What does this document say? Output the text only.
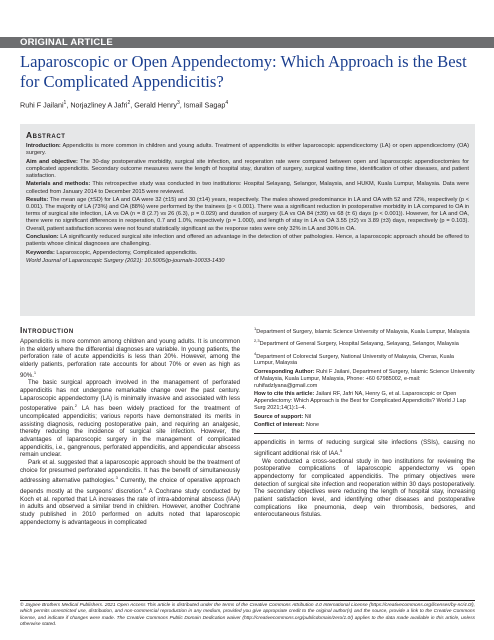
ORIGINAL ARTICLE
Laparoscopic or Open Appendectomy: Which Approach is the Best for Complicated Appendicitis?
Ruhi F Jailani$^1$, Norjazliney A Jafri$^2$, Gerald Henry$^3$, Ismail Sagap$^4$
Abstract

Introduction: Appendicitis is more common in children and young adults. Treatment of appendicitis is either laparoscopic appendicectomy (LA) or open appendicectomy (OA) surgery.

Aim and objective: The 30-day postoperative morbidity, surgical site infection, and reoperation rate were compared between open and laparoscopic appendicectomies for complicated appendicitis. Secondary outcome measures were the length of hospital stay, duration of surgery, surgical waiting time, identification of other diseases, and patient satisfaction.

Materials and methods: This retrospective study was conducted in two institutions: Hospital Selayang, Selangor, Malaysia, and HUKM, Kuala Lumpur, Malaysia. Data were collected from January 2014 to December 2015 were reviewed.

Results: The mean age (±SD) for LA and OA were 32 (±15) and 30 (±14) years, respectively. The males showed predominance in LA and OA with 52 and 72%, respectively (p < 0.001). The majority of LA (73%) and OA (88%) were performed by the trainees (p < 0.001). There was a significant reduction in postoperative morbidity in LA compared to OA in terms of surgical site infection, LA vs OA (n = 8 (2.7) vs 26 (6.3), p = 0.029) and duration of surgery (LA vs OA 84 (±39) vs 68 (± 6) days (p < 0.001)). However, for LA and OA, there were no significant differences in reoperation, 0.7 and 1.0%, respectively (p = 1.000), and length of stay in LA vs OA 3.55 (±2) vs 3.89 (±3) days, respectively (p = 0.103). Overall, patient satisfaction scores were not found statistically significant as the response rates were only 32% in LA and 30% in OA.

Conclusion: LA significantly reduced surgical site infection and offered an advantage in the detection of other pathologies. Hence, a laparoscopic approach should be offered to patients whose clinical diagnoses are challenging.

Keywords: Laparoscopic, Appendectomy, Complicated appendicitis.

World Journal of Laparoscopic Surgery (2021): 10.5005/jp-journals-10033-1430

Introduction

Appendicitis is more common among children and young adults. It is uncommon in the elderly where the differential diagnoses are variable. In young patients, the perforation rate of acute appendicitis is less than 20%. However, among the elderly patients, perforation rate accounts for about 70% or even as high as 90%.$^1$

The basic surgical approach involved in the management of perforated appendicitis has not undergone remarkable change over the past century. Laparoscopic appendectomy (LA) is minimally invasive and associated with less postoperative pain.$^2$ LA has been widely practiced for the treatment of uncomplicated appendicitis; various reports have demonstrated its merits in assisting diagnosis, reducing postoperative pain, and requiring an analgesic, thereby reducing the incidence of surgical site infection. However, the advantages of laparoscopic surgery in the management of complicated appendicitis, i.e., gangrenous, perforated appendicitis, and appendicular abscess remain unclear.

Park et al. suggested that a laparoscopic approach should be the treatment of choice for presumed perforated appendicitis. It has the benefit of simultaneously addressing alternative pathologies.$^3$ Currently, the choice of operative approach depends mostly at the surgeons' discretion.$^4$ A Cochrane study conducted by Koch et al. reported that LA increases the rate of intra-abdominal abscess (IAA) in adults and observed a similar trend in children. However, another Cochrane study published in 2010 performed on adults noted that laparoscopic appendectomy is advantageous in complicated

$^1$Department of Surgery, Islamic Science University of Malaysia, Kuala Lumpur, Malaysia

$^{2,3}$Department of General Surgery, Hospital Selayang, Selayang, Selangor, Malaysia

$^4$Department of Colorectal Surgery, National University of Malaysia, Cheras, Kuala Lumpur, Malaysia

Corresponding Author: Ruhi F Jailani, Department of Surgery, Islamic Science University of Malaysia, Kuala Lumpur, Malaysia, Phone: +60 67985002, e-mail: ruhifadzlyana@gmail.com

How to cite this article: Jailani RF, Jafri NA, Henry G, et al. Laparoscopic or Open Appendectomy: Which Approach is the Best for Complicated Appendicitis? World J Lap Surg 2021;14(1):1–4.

Source of support: Nil

Conflict of interest: None

appendicitis in terms of reducing surgical site infections (SSIs), causing no significant additional risk of IAA.$^5$

We conducted a cross-sectional study in two institutions for reviewing the postoperative complications of laparoscopic appendectomy vs open appendectomy for complicated appendicitis. The primary objectives were detection of surgical site infection and reoperation within 30 days postoperatively. The secondary objectives were reducing the length of hospital stay, increasing patient satisfaction level, and identifying other diseases and postoperative complications like pneumonia, deep vein thrombosis, bedsores, and enterocutaneous fistulas.

© Jaypee Brothers Medical Publishers. 2021 Open Access This article is distributed under the terms of the Creative Commons Attribution 4.0 International License (https://creativecommons.org/licenses/by-nc/4.0/), which permits unrestricted use, distribution, and non-commercial reproduction in any medium, provided you give appropriate credit to the original author(s) and the source, provide a link to the Creative Commons license, and indicate if changes were made. The Creative Commons Public Domain Dedication waiver (http://creativecommons.org/publicdomain/zero/1.0/) applies to the data made available in this article, unless otherwise stated.
